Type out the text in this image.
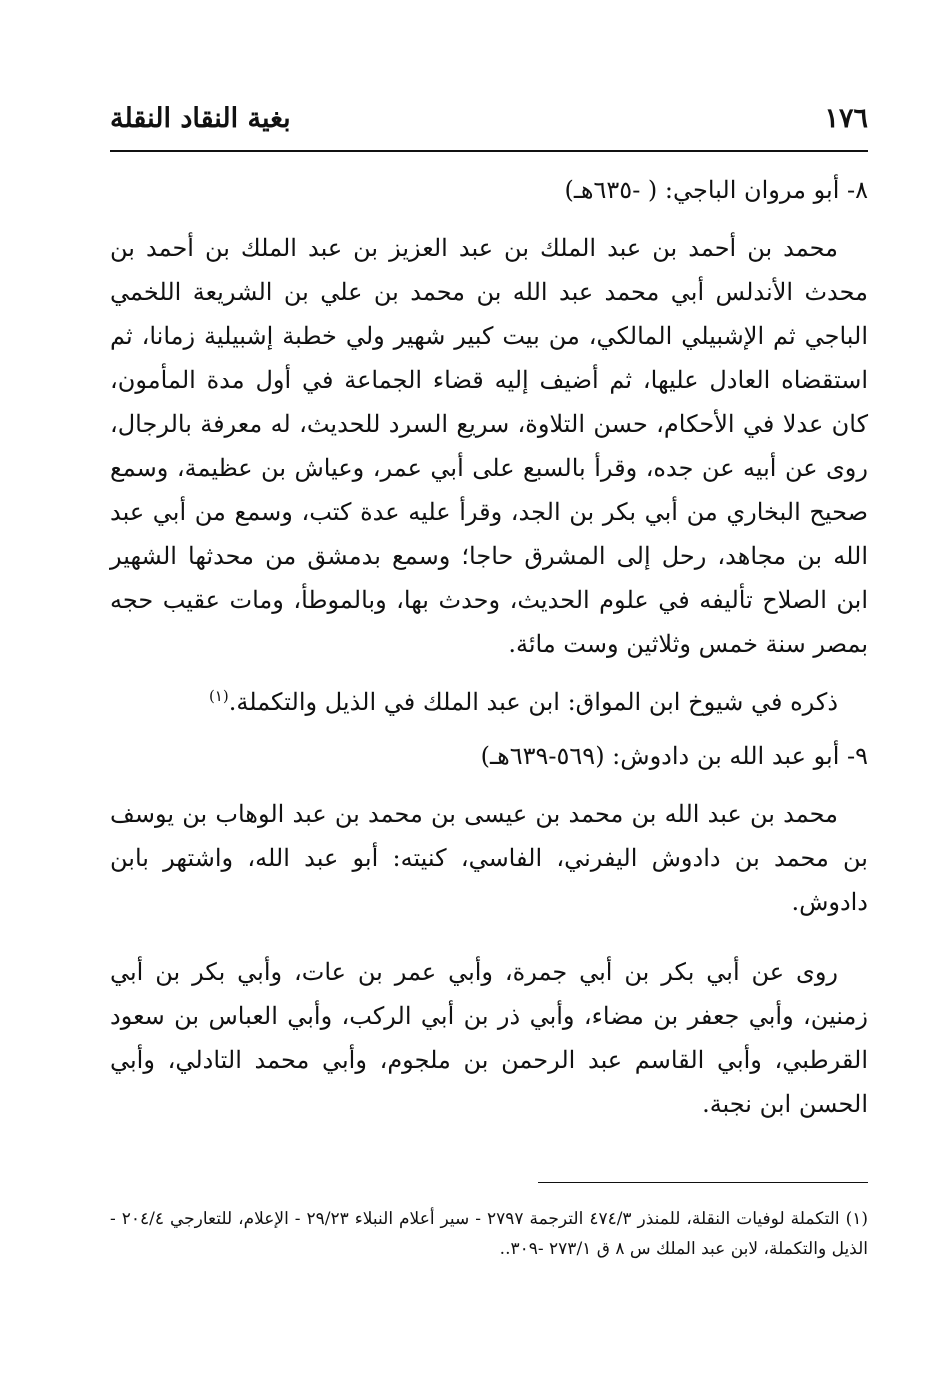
١٧٦
بغية النقاد النقلة
٨- أبو مروان الباجي: ( -٦٣٥هـ)

محمد بن أحمد بن عبد الملك بن عبد العزيز بن عبد الملك بن أحمد بن محدث الأندلس أبي محمد عبد الله بن محمد بن علي بن الشريعة اللخمي الباجي ثم الإشبيلي المالكي، من بيت كبير شهير ولي خطبة إشبيلية زمانا، ثم استقضاه العادل عليها، ثم أضيف إليه قضاء الجماعة في أول مدة المأمون، كان عدلا في الأحكام، حسن التلاوة، سريع السرد للحديث، له معرفة بالرجال، روى عن أبيه عن جده، وقرأ بالسبع على أبي عمر، وعياش بن عظيمة، وسمع صحيح البخاري من أبي بكر بن الجد، وقرأ عليه عدة كتب، وسمع من أبي عبد الله بن مجاهد، رحل إلى المشرق حاجا؛ وسمع بدمشق من محدثها الشهير ابن الصلاح تأليفه في علوم الحديث، وحدث بها، وبالموطأ، ومات عقيب حجه بمصر سنة خمس وثلاثين وست مائة.

ذكره في شيوخ ابن المواق: ابن عبد الملك في الذيل والتكملة.$^{(١)}$

٩- أبو عبد الله بن دادوش: (٥٦٩-٦٣٩هـ)

محمد بن عبد الله بن محمد بن عيسى بن محمد بن عبد الوهاب بن يوسف بن محمد بن دادوش اليفرني، الفاسي، كنيته: أبو عبد الله، واشتهر بابن دادوش.

روى عن أبي بكر بن أبي جمرة، وأبي عمر بن عات، وأبي بكر بن أبي زمنين، وأبي جعفر بن مضاء، وأبي ذر بن أبي الركب، وأبي العباس بن سعود القرطبي، وأبي القاسم عبد الرحمن بن ملجوم، وأبي محمد التادلي، وأبي الحسن ابن نجبة.

(١) التكملة لوفيات النقلة، للمنذر ٤٧٤/٣ الترجمة ٢٧٩٧ - سير أعلام النبلاء ٢٩/٢٣ - الإعلام، للتعارجي ٢٠٤/٤ - الذيل والتكملة، لابن عبد الملك س ٨ ق ٢٧٣/١ -٣٠٩..
